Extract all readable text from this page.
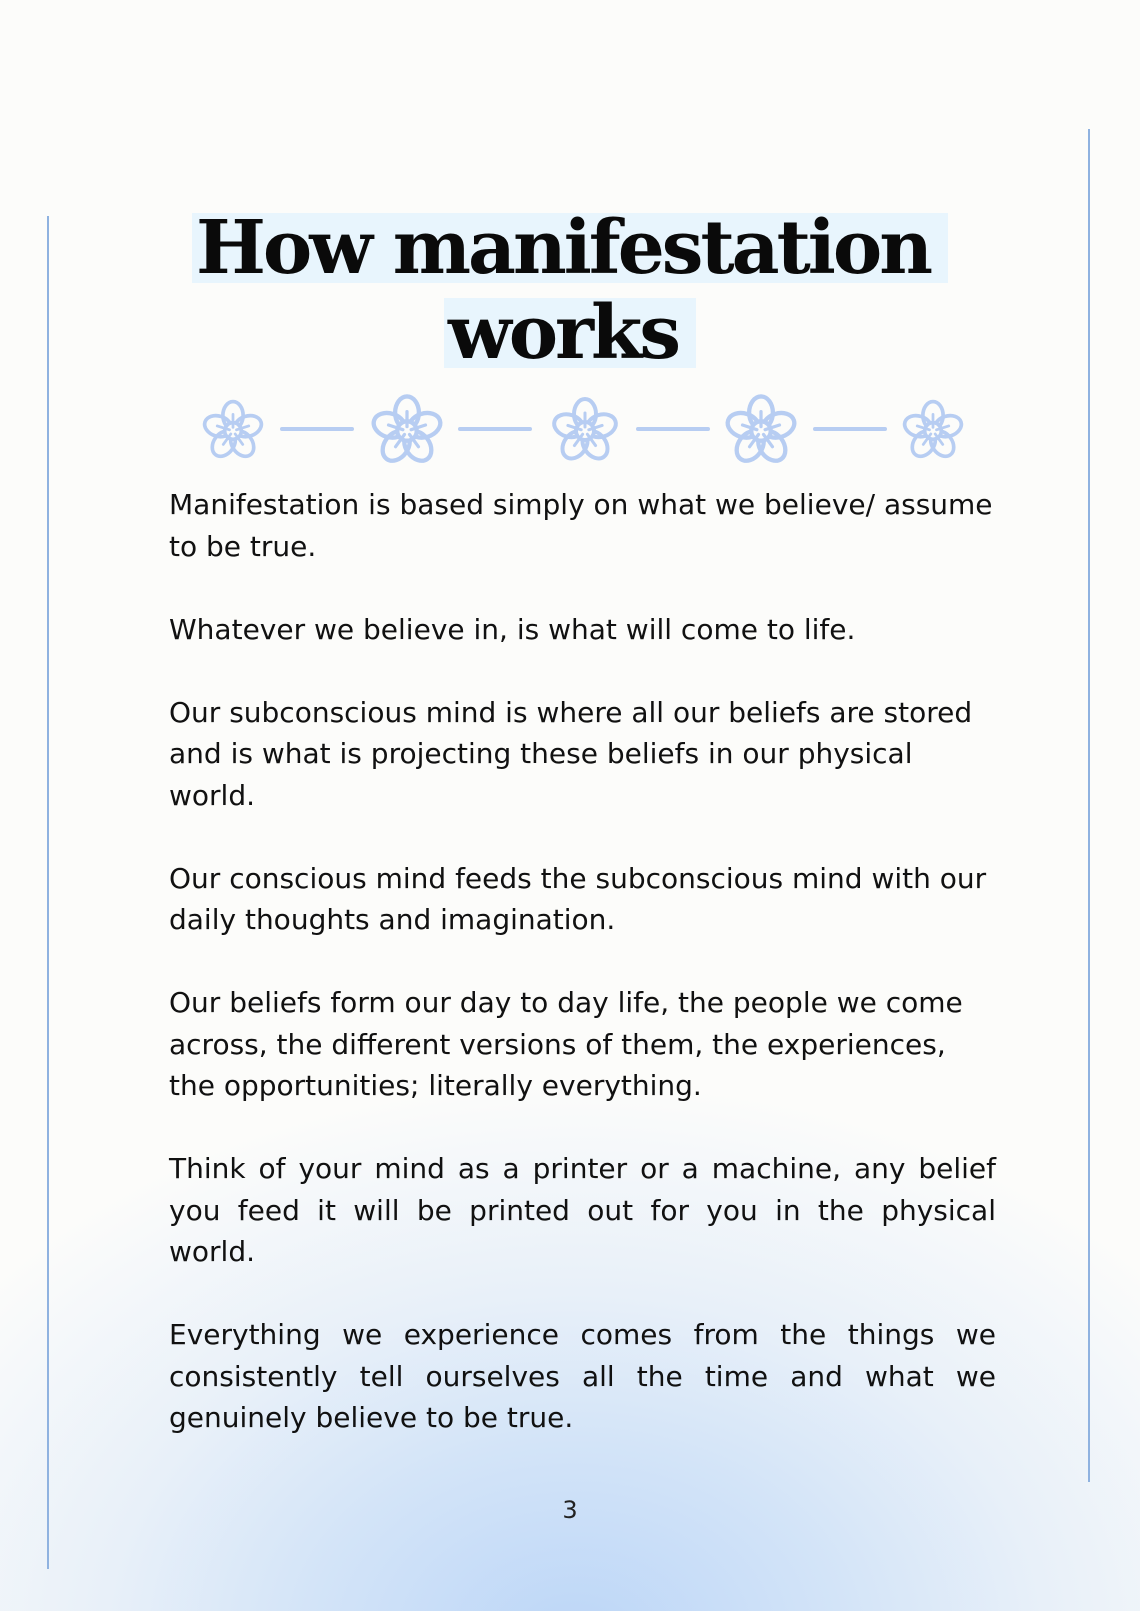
How manifestation
works

Manifestation is based simply on what we believe/ assume to be true.

Whatever we believe in, is what will come to life.

Our subconscious mind is where all our beliefs are stored and is what is projecting these beliefs in our physical world.

Our conscious mind feeds the subconscious mind with our daily thoughts and imagination.

Our beliefs form our day to day life, the people we come across, the different versions of them, the experiences, the opportunities; literally everything.

Think of your mind as a printer or a machine, any belief you feed it will be printed out for you in the physical world.

Everything we experience comes from the things we consistently tell ourselves all the time and what we genuinely believe to be true.

3
